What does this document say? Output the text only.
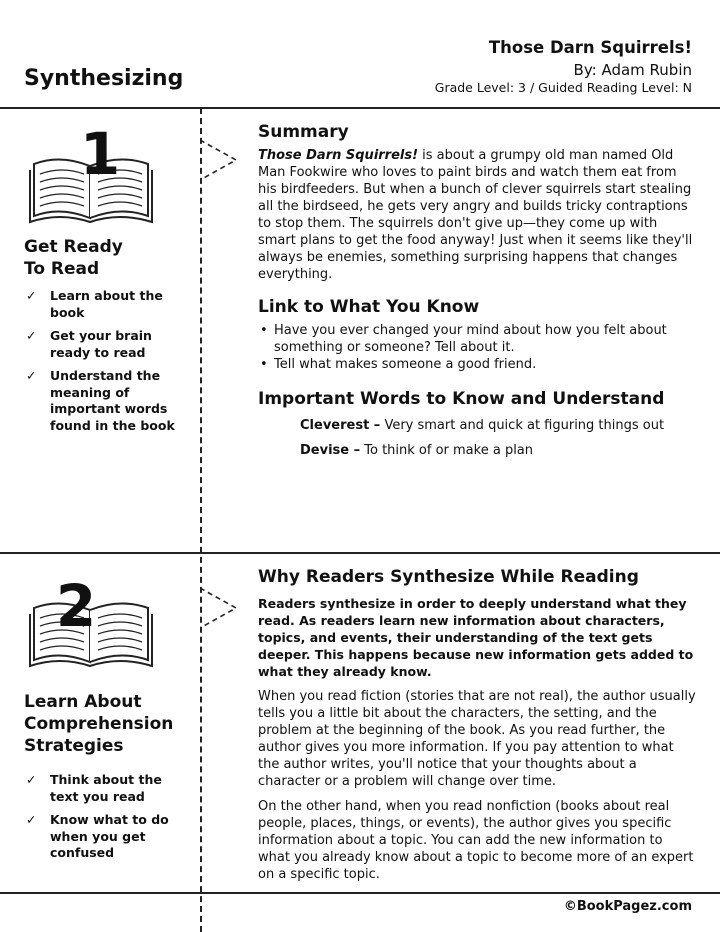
Synthesizing
Those Darn Squirrels!
By: Adam Rubin
Grade Level: 3 / Guided Reading Level: N
1
Get Ready
To Read
✓ Learn about the book
✓ Get your brain ready to read
✓ Understand the meaning of important words found in the book
Summary

Those Darn Squirrels! is about a grumpy old man named Old Man Fookwire who loves to paint birds and watch them eat from his birdfeeders. But when a bunch of clever squirrels start stealing all the birdseed, he gets very angry and builds tricky contraptions to stop them. The squirrels don't give up—they come up with smart plans to get the food anyway! Just when it seems like they'll always be enemies, something surprising happens that changes everything.

Link to What You Know
• Have you ever changed your mind about how you felt about something or someone? Tell about it.
• Tell what makes someone a good friend.
Important Words to Know and Understand

Cleverest – Very smart and quick at figuring things out

Devise – To think of or make a plan

2
Learn About
Comprehension
Strategies
✓ Think about the text you read
✓ Know what to do when you get confused
Why Readers Synthesize While Reading

Readers synthesize in order to deeply understand what they read. As readers learn new information about characters, topics, and events, their understanding of the text gets deeper. This happens because new information gets added to what they already know.

When you read fiction (stories that are not real), the author usually tells you a little bit about the characters, the setting, and the problem at the beginning of the book. As you read further, the author gives you more information. If you pay attention to what the author writes, you'll notice that your thoughts about a character or a problem will change over time.

On the other hand, when you read nonfiction (books about real people, places, things, or events), the author gives you specific information about a topic. You can add the new information to what you already know about a topic to become more of an expert on a specific topic.

©BookPagez.com
